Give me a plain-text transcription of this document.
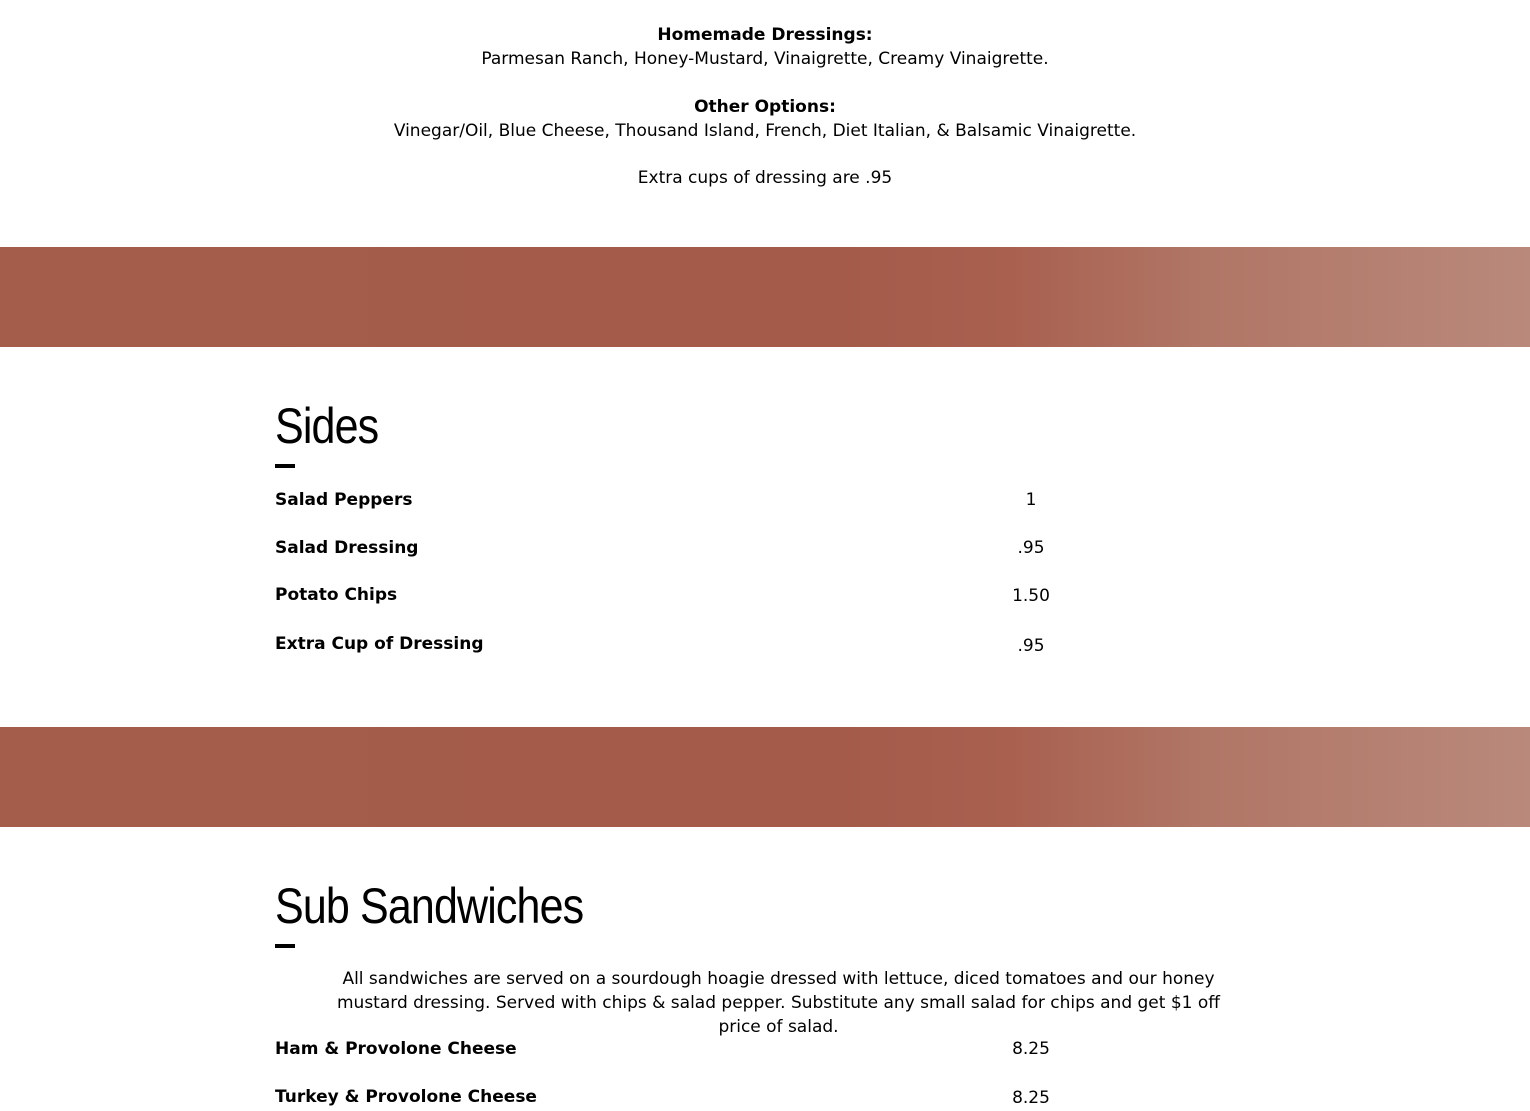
Homemade Dressings:
Parmesan Ranch, Honey-Mustard, Vinaigrette, Creamy Vinaigrette.
Other Options:
Vinegar/Oil, Blue Cheese, Thousand Island, French, Diet Italian, & Balsamic Vinaigrette.
Extra cups of dressing are .95
Sides
Salad Peppers	1
Salad Dressing	.95
Potato Chips	1.50
Extra Cup of Dressing	.95
Sub Sandwiches
All sandwiches are served on a sourdough hoagie dressed with lettuce, diced tomatoes and our honey mustard dressing. Served with chips & salad pepper. Substitute any small salad for chips and get $1 off price of salad.
Ham & Provolone Cheese	8.25
Turkey & Provolone Cheese	8.25
